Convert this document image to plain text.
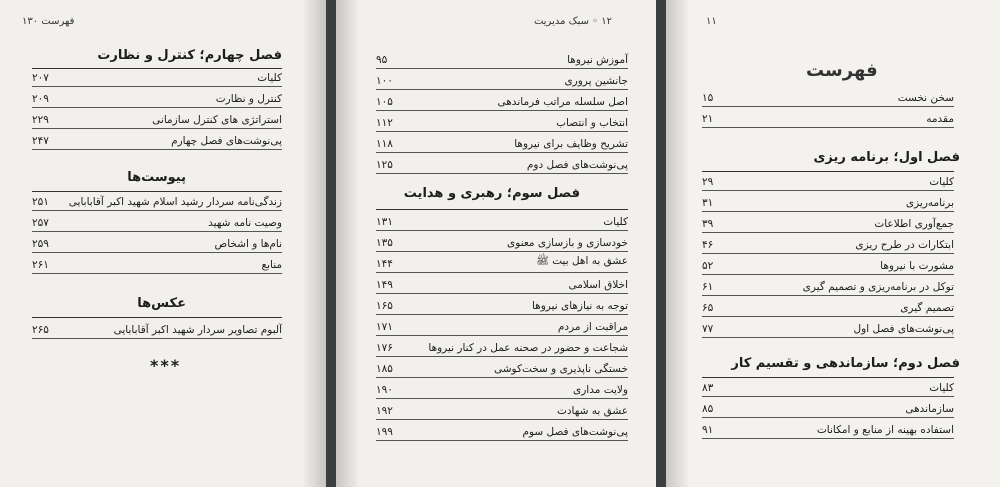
فهرست ۱۳۰
فصل چهارم؛ کنترل و نظارت
کلیات
۲۰۷
کنترل و نظارت
۲۰۹
استراتژی های کنترل سازمانی
۲۲۹
پی‌نوشت‌های فصل چهارم
۲۴۷
پیوست‌ها
زندگی‌نامه سردار رشید اسلام شهید اکبر آقابابایی
۲۵۱
وصیت نامه شهید
۲۵۷
نام‌ها و اشخاص
۲۵۹
منابع
۲۶۱
عکس‌ها
آلبوم تصاویر سردار شهید اکبر آقابابایی
۲۶۵
***
۱۲ ◦ سبک مدیریت
آموزش نیروها
۹۵
جانشین پروری
۱۰۰
اصل سلسله مراتب فرماندهی
۱۰۵
انتخاب و انتصاب
۱۱۲
تشریح وظایف برای نیروها
۱۱۸
پی‌نوشت‌های فصل دوم
۱۲۵
فصل سوم؛ رهبری و هدایت
کلیات
۱۳۱
خودسازی و بازسازی معنوی
۱۳۵
عشق به اهل بیت ﷺ
۱۴۴
اخلاق اسلامی
۱۴۹
توجه به نیازهای نیروها
۱۶۵
مراقبت از مردم
۱۷۱
شجاعت و حضور در صحنه عمل در کنار نیروها
۱۷۶
خستگی ناپذیری و سخت‌کوشی
۱۸۵
ولایت مداری
۱۹۰
عشق به شهادت
۱۹۲
پی‌نوشت‌های فصل سوم
۱۹۹
۱۱
فهرست
سخن نخست
۱۵
مقدمه
۲۱
فصل اول؛ برنامه ریزی
کلیات
۲۹
برنامه‌ریزی
۳۱
جمع‌آوری اطلاعات
۳۹
ابتکارات در طرح ریزی
۴۶
مشورت با نیروها
۵۲
توکل در برنامه‌ریزی و تصمیم گیری
۶۱
تصمیم گیری
۶۵
پی‌نوشت‌های فصل اول
۷۷
فصل دوم؛ سازماندهی و تقسیم کار
کلیات
۸۳
سازماندهی
۸۵
استفاده بهینه از منابع و امکانات
۹۱
